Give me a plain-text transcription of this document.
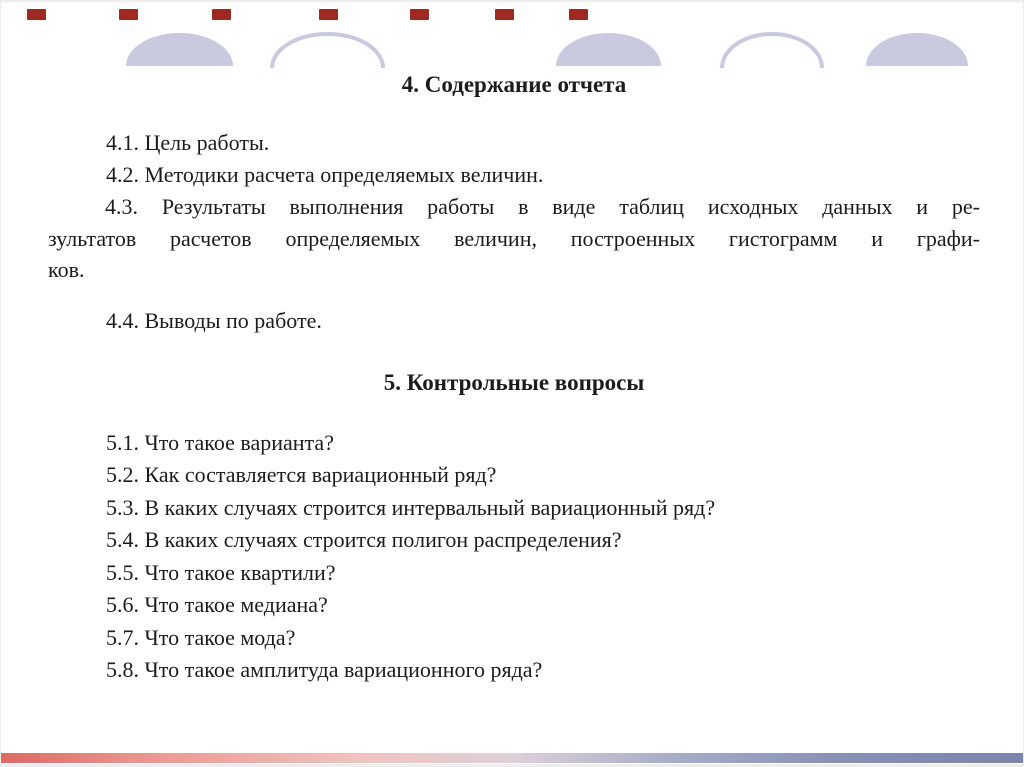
4. Содержание отчета
4.1. Цель работы.
4.2. Методики расчета определяемых величин.
4.3. Результаты выполнения работы в виде таблиц исходных данных и ре-
зультатов расчетов определяемых величин, построенных гистограмм и графи-
ков.
4.4. Выводы по работе.
5. Контрольные вопросы
5.1. Что такое варианта?
5.2. Как составляется вариационный ряд?
5.3. В каких случаях строится интервальный вариационный ряд?
5.4. В каких случаях строится полигон распределения?
5.5. Что такое квартили?
5.6. Что такое медиана?
5.7. Что такое мода?
5.8. Что такое амплитуда вариационного ряда?
